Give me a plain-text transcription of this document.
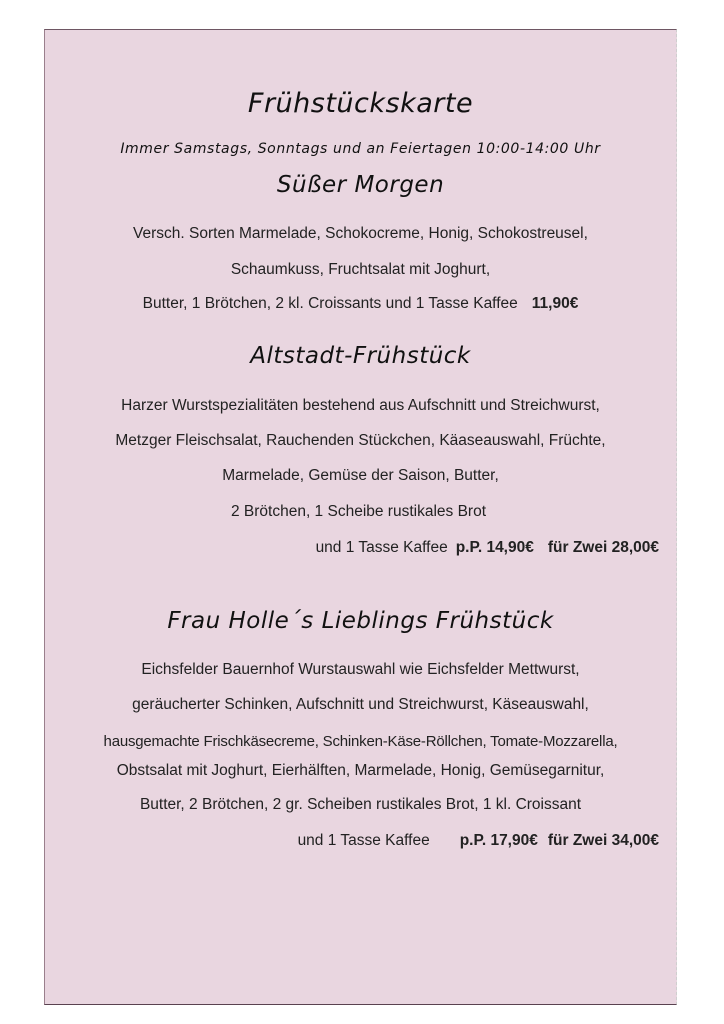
Frühstückskarte
Immer Samstags, Sonntags und an Feiertagen 10:00-14:00 Uhr
Süßer Morgen
Versch. Sorten Marmelade, Schokocreme, Honig, Schokostreusel,
Schaumkuss, Fruchtsalat mit Joghurt,
Butter, 1 Brötchen, 2 kl. Croissants und 1 Tasse Kaffee 11,90€
Altstadt-Frühstück
Harzer Wurstspezialitäten bestehend aus Aufschnitt und Streichwurst,
Metzger Fleischsalat, Rauchenden Stückchen, Käaseauswahl, Früchte,
Marmelade, Gemüse der Saison, Butter,
2 Brötchen, 1 Scheibe rustikales Brot
und 1 Tasse Kaffee p.P. 14,90€ für Zwei 28,00€
Frau Holle´s Lieblings Frühstück
Eichsfelder Bauernhof Wurstauswahl wie Eichsfelder Mettwurst,
geräucherter Schinken, Aufschnitt und Streichwurst, Käseauswahl,
hausgemachte Frischkäsecreme, Schinken-Käse-Röllchen, Tomate-Mozzarella,
Obstsalat mit Joghurt, Eierhälften, Marmelade, Honig, Gemüsegarnitur,
Butter, 2 Brötchen, 2 gr. Scheiben rustikales Brot, 1 kl. Croissant
und 1 Tasse Kaffee p.P. 17,90€ für Zwei 34,00€
